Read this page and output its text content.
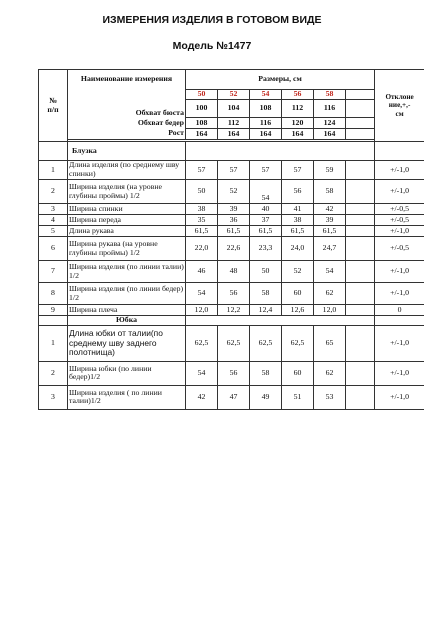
ИЗМЕРЕНИЯ ИЗДЕЛИЯ В ГОТОВОМ ВИДЕ
Модель №1477
№
п/п	Наименование измерения	Размеры, см						Отклоне
ние,+,-
см
		50	52	54	56	58		
	Обхват бюста	100	104	108	112	116		
	Обхват бедер	108	112	116	120	124		
	Рост	164	164	164	164	164		

	Блузка							
1	Длина изделия (по среднему шву спинки)	57	57	57	57	59		+/-1,0
2	Ширина изделия (на уровне глубины проймы) 1/2	50	52	54	56	58		+/-1,0
3	Ширина спинки	38	39	40	41	42		+/-0,5
4	Ширина переда	35	36	37	38	39		+/-0,5
5	Длина рукава	61,5	61,5	61,5	61,5	61,5		+/-1,0
6	Ширина рукава (на уровне глубины проймы) 1/2	22,0	22,6	23,3	24,0	24,7		+/-0,5
7	Ширина изделия (по линии талии) 1/2	46	48	50	52	54		+/-1,0
8	Ширина изделия (по линии бедер) 1/2	54	56	58	60	62		+/-1,0
9	Ширина плеча	12,0	12,2	12,4	12,6	12,0		0
	Юбка							
1	Длина юбки от талии(по среднему шву заднего полотнища)	62,5	62,5	62,5	62,5	65		+/-1,0
2	Ширина юбки (по линии бедер)1/2	54	56	58	60	62		+/-1,0
3	Ширина изделия ( по линии талии)1/2	42	47	49	51	53		+/-1,0
